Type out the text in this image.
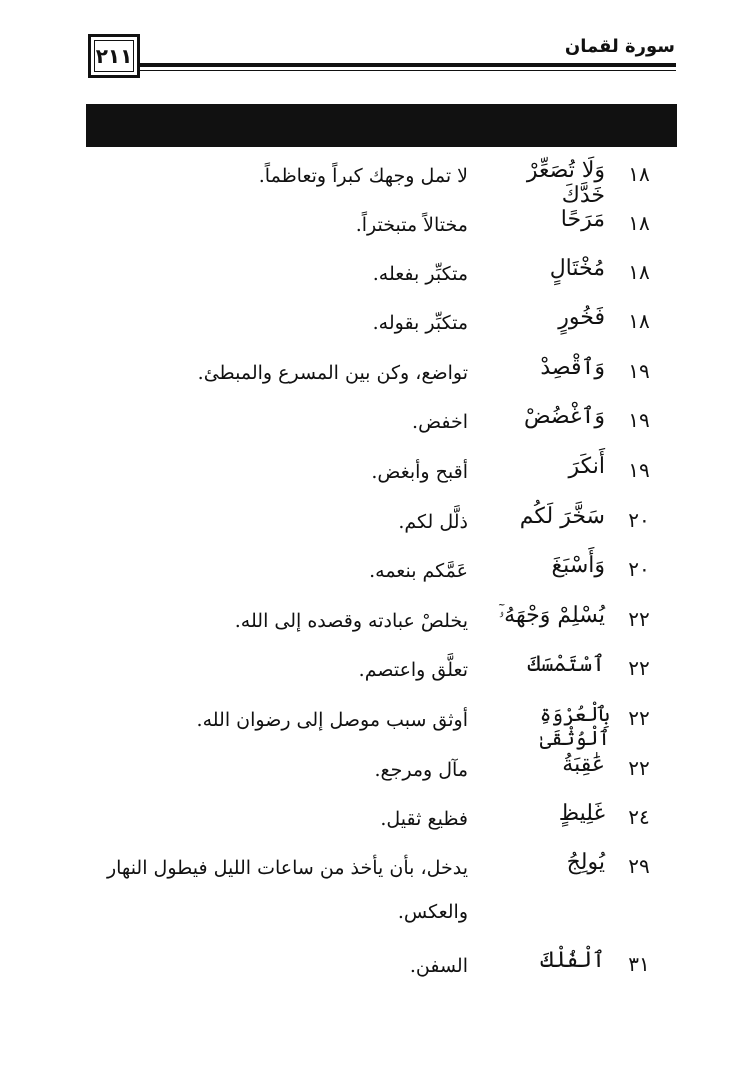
٢١١	سورة لقمان
١٨
وَلَا تُصَعِّرْ خَدَّكَ
لا تمل وجهك كبراً وتعاظماً.
١٨
مَرَحًا
مختالاً متبختراً.
١٨
مُخْتَالٍ
متكبِّر بفعله.
١٨
فَخُورٍ
متكبِّر بقوله.
١٩
وَٱقْصِدْ
تواضع، وكن بين المسرع والمبطئ.
١٩
وَٱغْضُضْ
اخفض.
١٩
أَنكَرَ
أقبح وأبغض.
٢٠
سَخَّرَ لَكُم
ذلَّل لكم.
٢٠
وَأَسْبَغَ
عَمَّكم بنعمه.
٢٢
يُسْلِمْ وَجْهَهُۥٓ
يخلصْ عبادته وقصده إلى الله.
٢٢
ٱسْتَمْسَكَ
تعلَّق واعتصم.
٢٢
بِٱلْعُرْوَةِ ٱلْوُثْقَىٰ
أوثق سبب موصل إلى رضوان الله.
٢٢
عَٰقِبَةُ
مآل ومرجع.
٢٤
غَلِيظٍ
فظيع ثقيل.
٢٩
يُولِجُ
يدخل، بأن يأخذ من ساعات الليل فيطول النهار والعكس.
٣١
ٱلْفُلْكَ
السفن.
